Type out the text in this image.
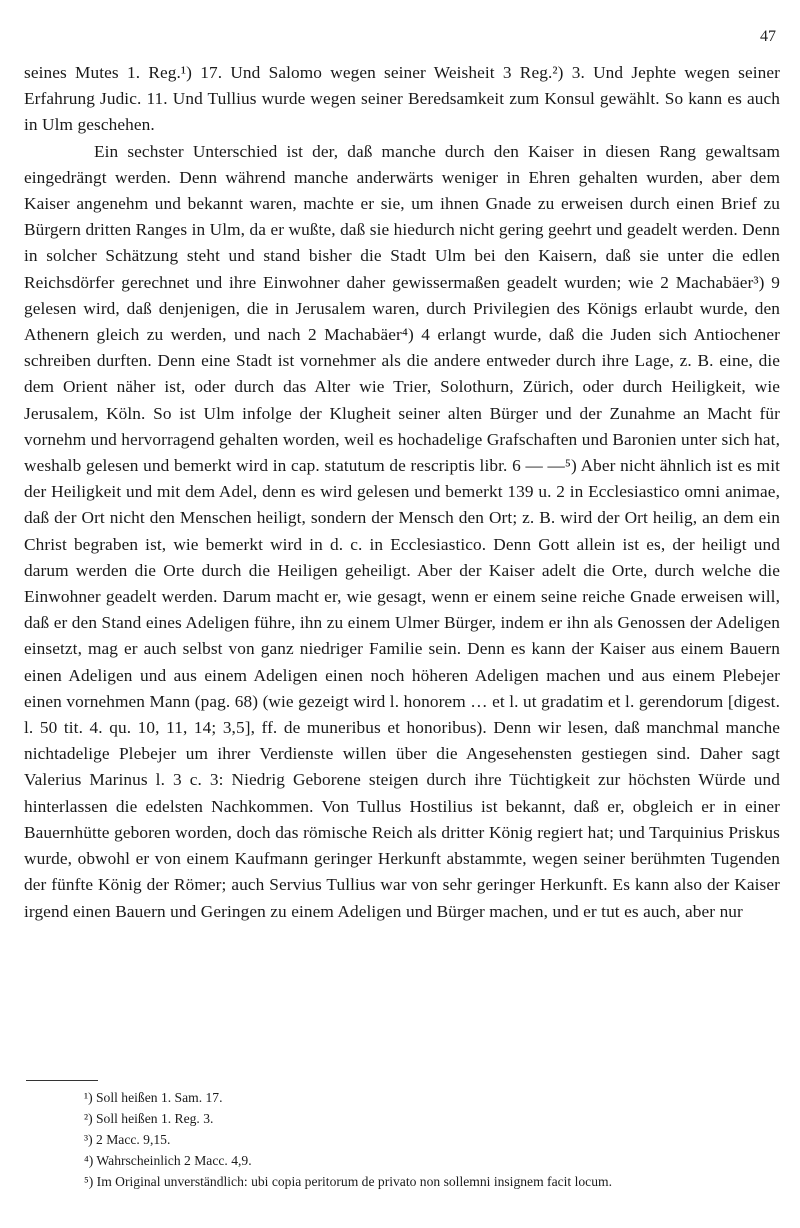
47

seines Mutes 1. Reg.¹) 17. Und Salomo wegen seiner Weisheit 3 Reg.²) 3. Und Jephte wegen seiner Erfahrung Judic. 11. Und Tullius wurde wegen seiner Beredsamkeit zum Konsul gewählt. So kann es auch in Ulm geschehen.

Ein sechster Unterschied ist der, daß manche durch den Kaiser in diesen Rang gewaltsam eingedrängt werden. Denn während manche anderwärts weniger in Ehren gehalten wurden, aber dem Kaiser angenehm und bekannt waren, machte er sie, um ihnen Gnade zu erweisen durch einen Brief zu Bürgern dritten Ranges in Ulm, da er wußte, daß sie hiedurch nicht gering geehrt und geadelt werden. Denn in solcher Schätzung steht und stand bisher die Stadt Ulm bei den Kaisern, daß sie unter die edlen Reichsdörfer gerechnet und ihre Einwohner daher gewissermaßen geadelt wurden; wie 2 Machabäer³) 9 gelesen wird, daß denjenigen, die in Jerusalem waren, durch Privilegien des Königs erlaubt wurde, den Athenern gleich zu werden, und nach 2 Machabäer⁴) 4 erlangt wurde, daß die Juden sich Antiochener schreiben durften. Denn eine Stadt ist vornehmer als die andere entweder durch ihre Lage, z. B. eine, die dem Orient näher ist, oder durch das Alter wie Trier, Solothurn, Zürich, oder durch Heiligkeit, wie Jerusalem, Köln. So ist Ulm infolge der Klugheit seiner alten Bürger und der Zunahme an Macht für vornehm und hervorragend gehalten worden, weil es hochadelige Grafschaften und Baronien unter sich hat, weshalb gelesen und bemerkt wird in cap. statutum de rescriptis libr. 6 — —⁵) Aber nicht ähnlich ist es mit der Heiligkeit und mit dem Adel, denn es wird gelesen und bemerkt 139 u. 2 in Ecclesiastico omni animae, daß der Ort nicht den Menschen heiligt, sondern der Mensch den Ort; z. B. wird der Ort heilig, an dem ein Christ begraben ist, wie bemerkt wird in d. c. in Ecclesiastico. Denn Gott allein ist es, der heiligt und darum werden die Orte durch die Heiligen geheiligt. Aber der Kaiser adelt die Orte, durch welche die Einwohner geadelt werden. Darum macht er, wie gesagt, wenn er einem seine reiche Gnade erweisen will, daß er den Stand eines Adeligen führe, ihn zu einem Ulmer Bürger, indem er ihn als Genossen der Adeligen einsetzt, mag er auch selbst von ganz niedriger Familie sein. Denn es kann der Kaiser aus einem Bauern einen Adeligen und aus einem Adeligen einen noch höheren Adeligen machen und aus einem Plebejer einen vornehmen Mann (pag. 68) (wie gezeigt wird l. honorem … et l. ut gradatim et l. gerendorum [digest. l. 50 tit. 4. qu. 10, 11, 14; 3,5], ff. de muneribus et honoribus). Denn wir lesen, daß manchmal manche nichtadelige Plebejer um ihrer Verdienste willen über die Angesehensten gestiegen sind. Daher sagt Valerius Marinus l. 3 c. 3: Niedrig Geborene steigen durch ihre Tüchtigkeit zur höchsten Würde und hinterlassen die edelsten Nachkommen. Von Tullus Hostilius ist bekannt, daß er, obgleich er in einer Bauernhütte geboren worden, doch das römische Reich als dritter König regiert hat; und Tarquinius Priskus wurde, obwohl er von einem Kaufmann geringer Herkunft abstammte, wegen seiner berühmten Tugenden der fünfte König der Römer; auch Servius Tullius war von sehr geringer Herkunft. Es kann also der Kaiser irgend einen Bauern und Geringen zu einem Adeligen und Bürger machen, und er tut es auch, aber nur

¹) Soll heißen 1. Sam. 17.
²) Soll heißen 1. Reg. 3.
³) 2 Macc. 9,15.
⁴) Wahrscheinlich 2 Macc. 4,9.
⁵) Im Original unverständlich: ubi copia peritorum de privato non sollemni insignem facit locum.
